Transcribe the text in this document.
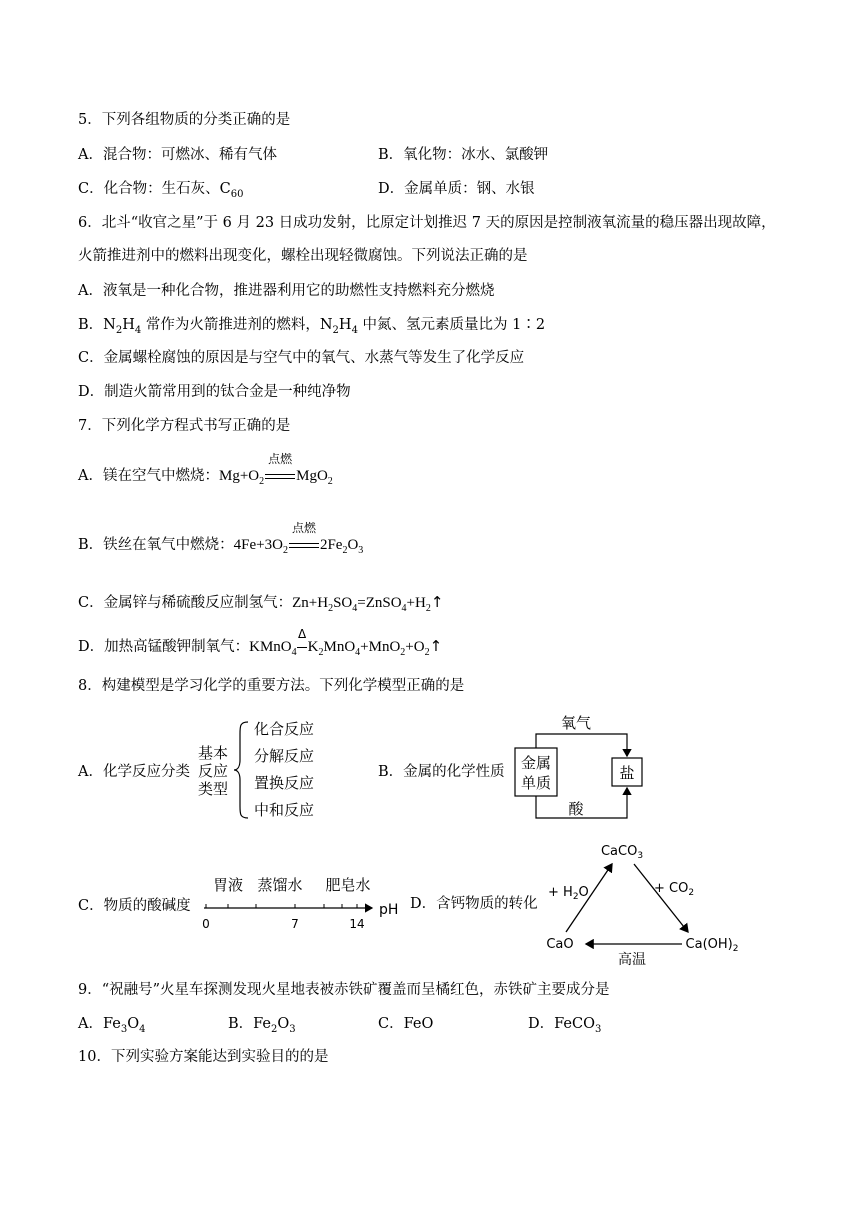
5．下列各组物质的分类正确的是
A．混合物：可燃冰、稀有气体	B．氧化物：冰水、氯酸钾
C．化合物：生石灰、$C_{60}$	D．金属单质：钢、水银
6．北斗“收官之星”于 6 月 23 日成功发射，比原定计划推迟 7 天的原因是控制液氧流量的稳压器出现故障，
火箭推进剂中的燃料出现变化，螺栓出现轻微腐蚀。下列说法正确的是
A．液氧是一种化合物，推进器利用它的助燃性支持燃料充分燃烧
B．$N_2H_4$ 常作为火箭推进剂的燃料，$N_2H_4$ 中氮、氢元素质量比为 1∶2
C．金属螺栓腐蚀的原因是与空气中的氧气、水蒸气等发生了化学反应
D．制造火箭常用到的钛合金是一种纯净物
7．下列化学方程式书写正确的是
A．镁在空气中燃烧：$Mg+O_2$
点燃
MgO$_2$
B．铁丝在氧气中燃烧：$4Fe+3O_2$
点燃
$2Fe_2O_3$
C．金属锌与稀硫酸反应制氢气：$Zn+H_2SO_4=ZnSO_4+H_2↑$
D．加热高锰酸钾制氧气：KMnO$_4$
Δ
$K_2MnO_4+MnO_2+O_2↑$
8．构建模型是学习化学的重要方法。下列化学模型正确的是
A．化学反应分类
基本
反应
类型
化合反应
分解反应
置换反应
中和反应
B．金属的化学性质 金属
单质
盐
氧气
酸
C．物质的酸碱度
胃液 蒸馏水 肥皂水
0	7	14
pH D．含钙物质的转化
CaCO$_3$
CaO	$Ca(OH)_2$
+ $H_2O$	+ $CO_2$
高温
9．“祝融号”火星车探测发现火星地表被赤铁矿覆盖而呈橘红色，赤铁矿主要成分是
A．$Fe_3O_4$	B．$Fe_2O_3$	C．FeO	D．FeCO$_3$
10．下列实验方案能达到实验目的的是
